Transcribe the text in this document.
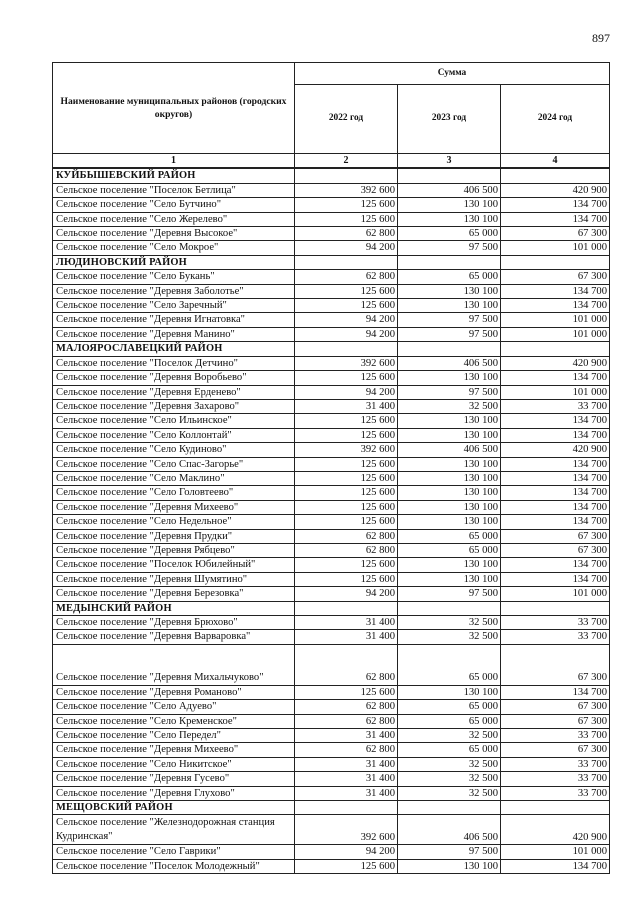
897
Наименование муниципальных районов (городских округов)	Сумма		
	2022 год	2023 год	2024 год
1	2	3	4
КУЙБЫШЕВСКИЙ РАЙОН			
Сельское поселение "Поселок Бетлица"	392 600	406 500	420 900
Сельское поселение "Село Бутчино"	125 600	130 100	134 700
Сельское поселение "Село Жерелево"	125 600	130 100	134 700
Сельское поселение "Деревня Высокое"	62 800	65 000	67 300
Сельское поселение "Село Мокрое"	94 200	97 500	101 000
ЛЮДИНОВСКИЙ РАЙОН			
Сельское поселение "Село Букань"	62 800	65 000	67 300
Сельское поселение "Деревня Заболотье"	125 600	130 100	134 700
Сельское поселение "Село Заречный"	125 600	130 100	134 700
Сельское поселение "Деревня Игнатовка"	94 200	97 500	101 000
Сельское поселение "Деревня Манино"	94 200	97 500	101 000
МАЛОЯРОСЛАВЕЦКИЙ РАЙОН			
Сельское поселение "Поселок Детчино"	392 600	406 500	420 900
Сельское поселение "Деревня Воробьево"	125 600	130 100	134 700
Сельское поселение "Деревня Ерденево"	94 200	97 500	101 000
Сельское поселение "Деревня Захарово"	31 400	32 500	33 700
Сельское поселение "Село Ильинское"	125 600	130 100	134 700
Сельское поселение "Село Коллонтай"	125 600	130 100	134 700
Сельское поселение "Село Кудиново"	392 600	406 500	420 900
Сельское поселение "Село Спас-Загорье"	125 600	130 100	134 700
Сельское поселение "Село Маклино"	125 600	130 100	134 700
Сельское поселение "Село Головтеево"	125 600	130 100	134 700
Сельское поселение "Деревня Михеево"	125 600	130 100	134 700
Сельское поселение "Село Недельное"	125 600	130 100	134 700
Сельское поселение "Деревня Прудки"	62 800	65 000	67 300
Сельское поселение "Деревня Рябцево"	62 800	65 000	67 300
Сельское поселение "Поселок Юбилейный"	125 600	130 100	134 700
Сельское поселение "Деревня Шумятино"	125 600	130 100	134 700
Сельское поселение "Деревня Березовка"	94 200	97 500	101 000
МЕДЫНСКИЙ РАЙОН			
Сельское поселение "Деревня Брюхово"	31 400	32 500	33 700
Сельское поселение "Деревня Варваровка"	31 400	32 500	33 700
Сельское поселение "Деревня Михальчуково"	62 800	65 000	67 300
Сельское поселение "Деревня Романово"	125 600	130 100	134 700
Сельское поселение "Село Адуево"	62 800	65 000	67 300
Сельское поселение "Село Кременское"	62 800	65 000	67 300
Сельское поселение "Село Передел"	31 400	32 500	33 700
Сельское поселение "Деревня Михеево"	62 800	65 000	67 300
Сельское поселение "Село Никитское"	31 400	32 500	33 700
Сельское поселение "Деревня Гусево"	31 400	32 500	33 700
Сельское поселение "Деревня Глухово"	31 400	32 500	33 700
МЕЩОВСКИЙ РАЙОН			
Сельское поселение "Железнодорожная станция Кудринская"	392 600	406 500	420 900
Сельское поселение "Село Гаврики"	94 200	97 500	101 000
Сельское поселение "Поселок Молодежный"	125 600	130 100	134 700
